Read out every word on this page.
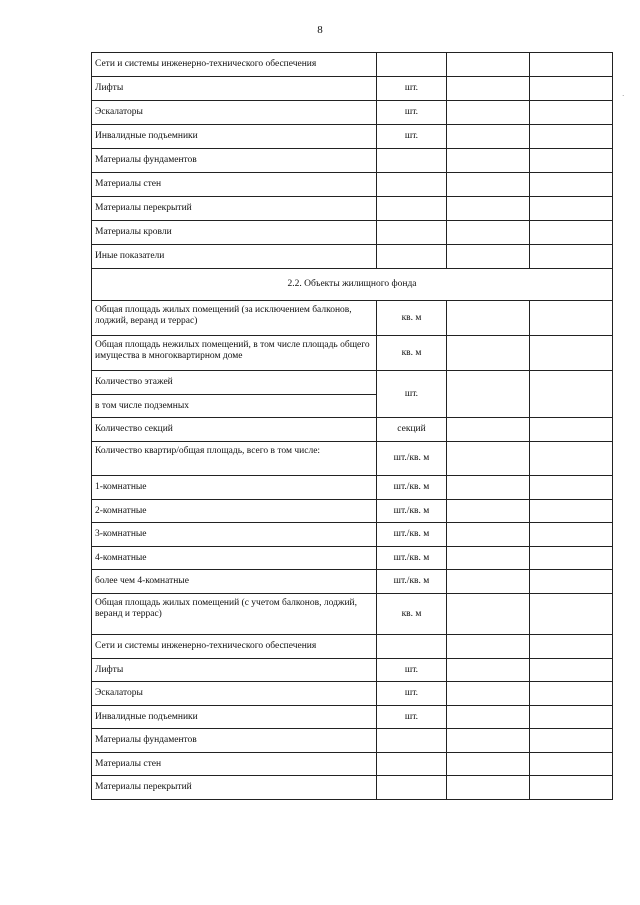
8
·
Сети и системы инженерно-технического обеспечения			
Лифты	шт.		
Эскалаторы	шт.		
Инвалидные подъемники	шт.		
Материалы фундаментов			
Материалы стен			
Материалы перекрытий			
Материалы кровли			
Иные показатели			
2.2. Объекты жилищного фонда			
Общая площадь жилых помещений (за исключением балконов, лоджий, веранд и террас)	кв. м		
Общая площадь нежилых помещений, в том числе площадь общего имущества в многоквартирном доме	кв. м		
Количество этажей	шт.		
в том числе подземных			
Количество секций	секций		
Количество квартир/общая площадь, всего в том числе:	шт./кв. м		
1-комнатные	шт./кв. м		
2-комнатные	шт./кв. м		
3-комнатные	шт./кв. м		
4-комнатные	шт./кв. м		
более чем 4-комнатные	шт./кв. м		
Общая площадь жилых помещений (с учетом балконов, лоджий, веранд и террас)	кв. м		
Сети и системы инженерно-технического обеспечения			
Лифты	шт.		
Эскалаторы	шт.		
Инвалидные подъемники	шт.		
Материалы фундаментов			
Материалы стен			
Материалы перекрытий			
